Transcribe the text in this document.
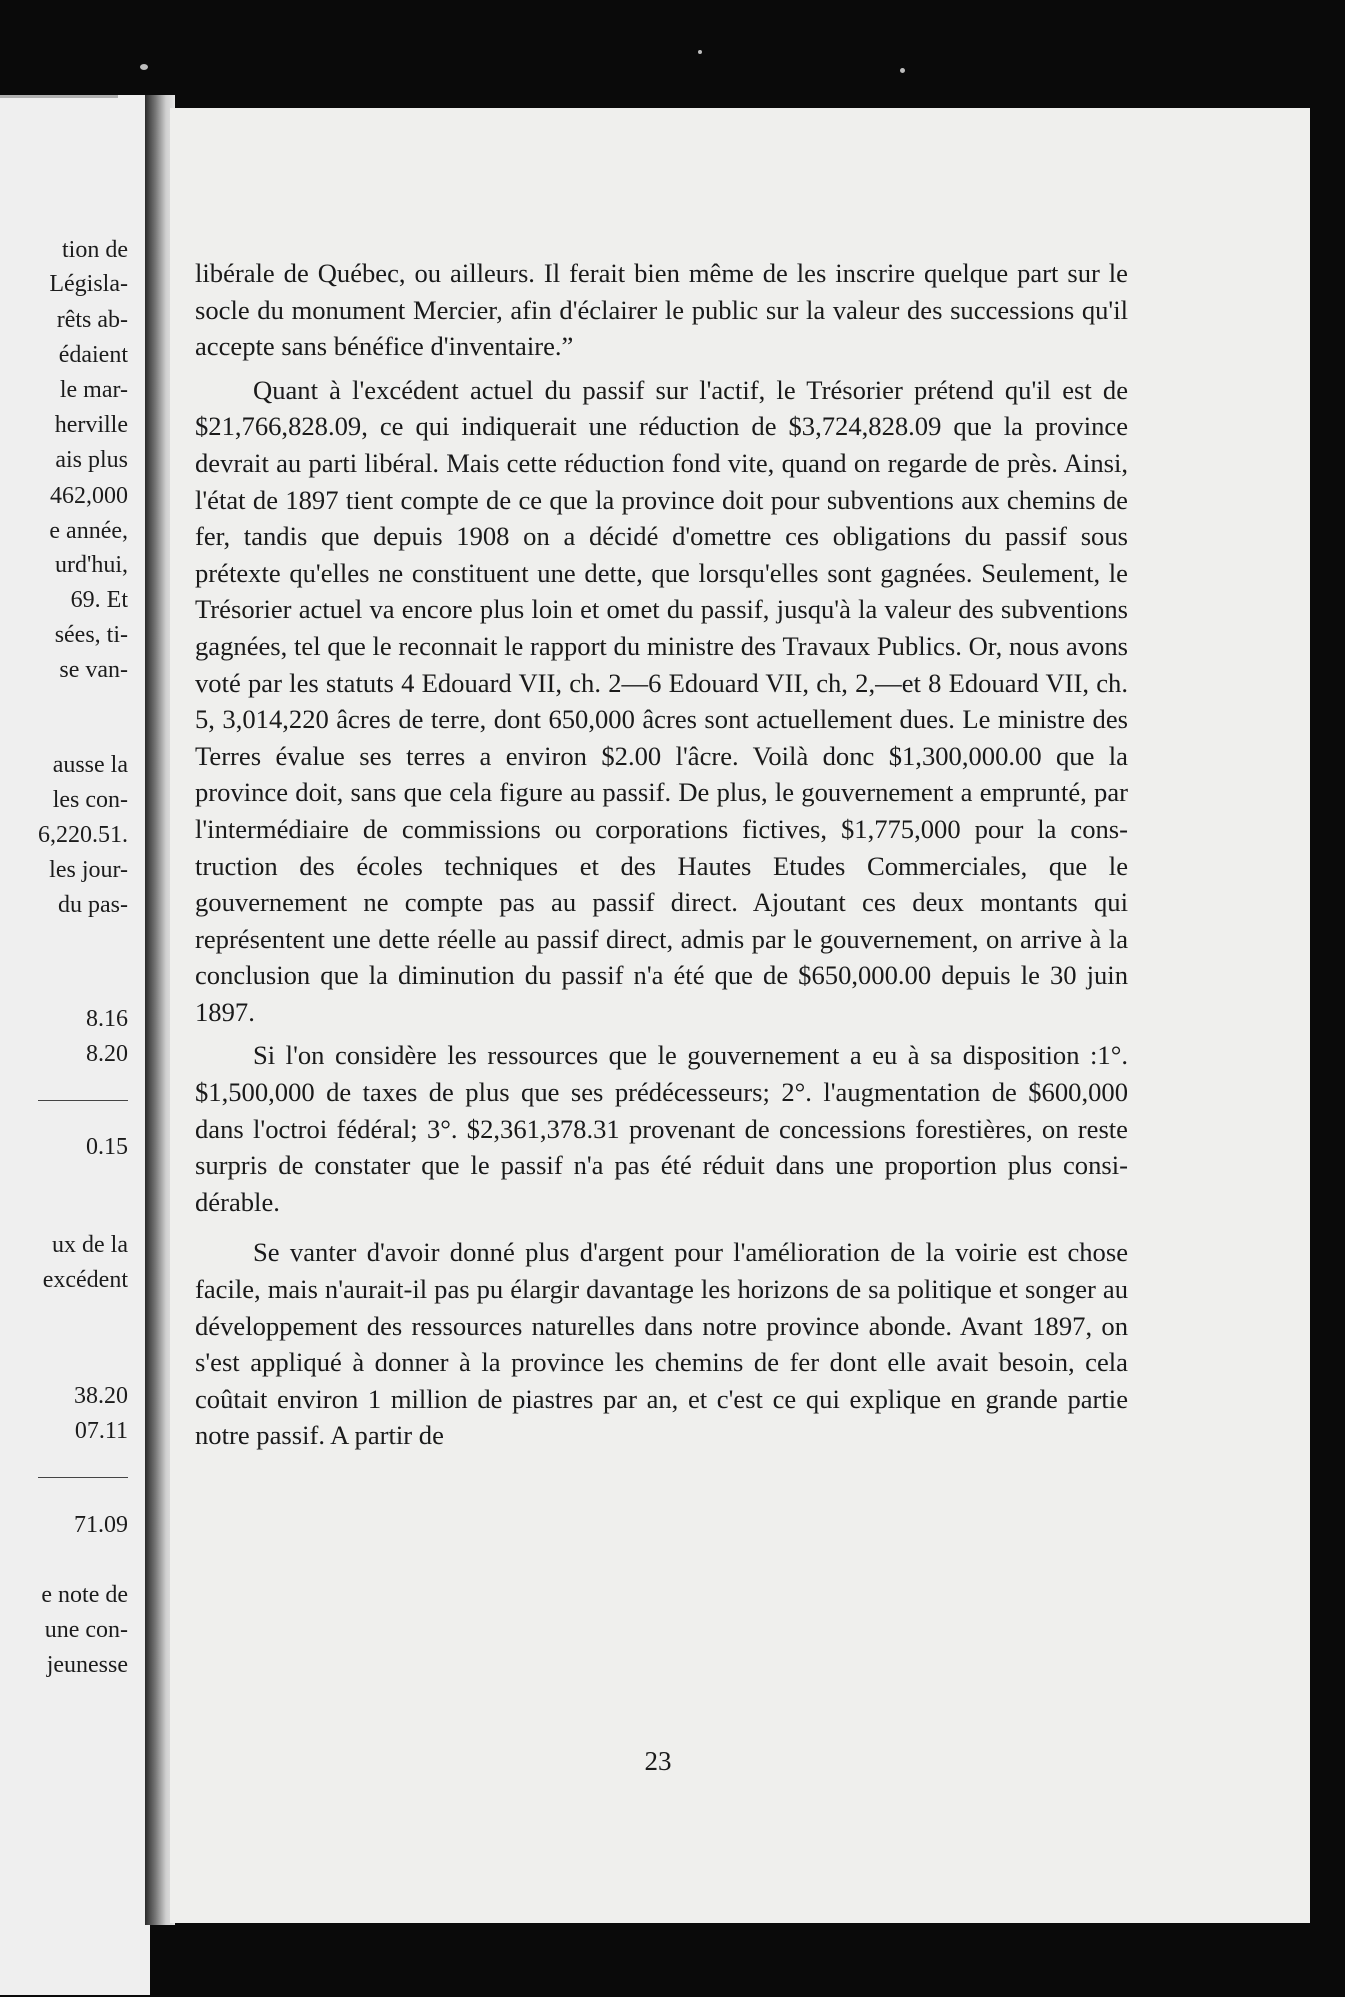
tion de

Législa-

rêts ab-

édaient

le mar-

herville

ais plus

462,000

e année,

urd'hui,

69. Et

sées, ti-

se van-

ausse la

les con-

6,220.51.

les jour-

du pas-

8.16

8.20

0.15

ux de la

excédent

38.20

07.11

71.09

e note de

une con-

jeunesse

libérale de Québec, ou ailleurs. Il ferait bien même de les inscrire quelque part sur le socle du monument Mercier, afin d'éclairer le public sur la valeur des successions qu'il accepte sans bénéfice d'inventaire.”

Quant à l'excédent actuel du passif sur l'actif, le Trésorier prétend qu'il est de $21,766,828.09, ce qui indiquerait une réduction de $3,724,828.09 que la province devrait au parti libéral. Mais cette réduction fond vite, quand on regarde de près. Ainsi, l'état de 1897 tient compte de ce que la province doit pour subventions aux chemins de fer, tandis que depuis 1908 on a décidé d'omettre ces obligations du passif sous prétexte qu'elles ne constituent une dette, que lorsqu'elles sont gagnées. Seulement, le Trésorier actuel va encore plus loin et omet du passif, jusqu'à la valeur des subventions gagnées, tel que le reconnait le rapport du ministre des Travaux Publics. Or, nous avons voté par les statuts 4 Edouard VII, ch. 2—6 Edouard VII, ch, 2,—et 8 Edouard VII, ch. 5, 3,014,220 âcres de terre, dont 650,000 âcres sont actuellement dues. Le ministre des Terres évalue ses terres a environ $2.00 l'âcre. Voilà donc $1,300,000.00 que la province doit, sans que cela figure au passif. De plus, le gouvernement a emprunté, par l'intermédiaire de commissions ou corporations fictives, $1,775,000 pour la construction des écoles techniques et des Hautes Etudes Commerciales, que le gouvernement ne compte pas au passif direct. Ajoutant ces deux montants qui représentent une dette réelle au passif direct, admis par le gouvernement, on arrive à la conclusion que la diminution du passif n'a été que de $650,000.00 depuis le 30 juin 1897.

Si l'on considère les ressources que le gouvernement a eu à sa disposition :1°. $1,500,000 de taxes de plus que ses prédécesseurs; 2°. l'augmentation de $600,000 dans l'octroi fédéral; 3°. $2,361,378.31 provenant de concessions forestières, on reste surpris de constater que le passif n'a pas été réduit dans une proportion plus considérable.

Se vanter d'avoir donné plus d'argent pour l'amélioration de la voirie est chose facile, mais n'aurait-il pas pu élargir davantage les horizons de sa politique et songer au développement des ressources naturelles dans notre province abonde. Avant 1897, on s'est appliqué à donner à la province les chemins de fer dont elle avait besoin, cela coûtait environ 1 million de piastres par an, et c'est ce qui explique en grande partie notre passif. A partir de

23
